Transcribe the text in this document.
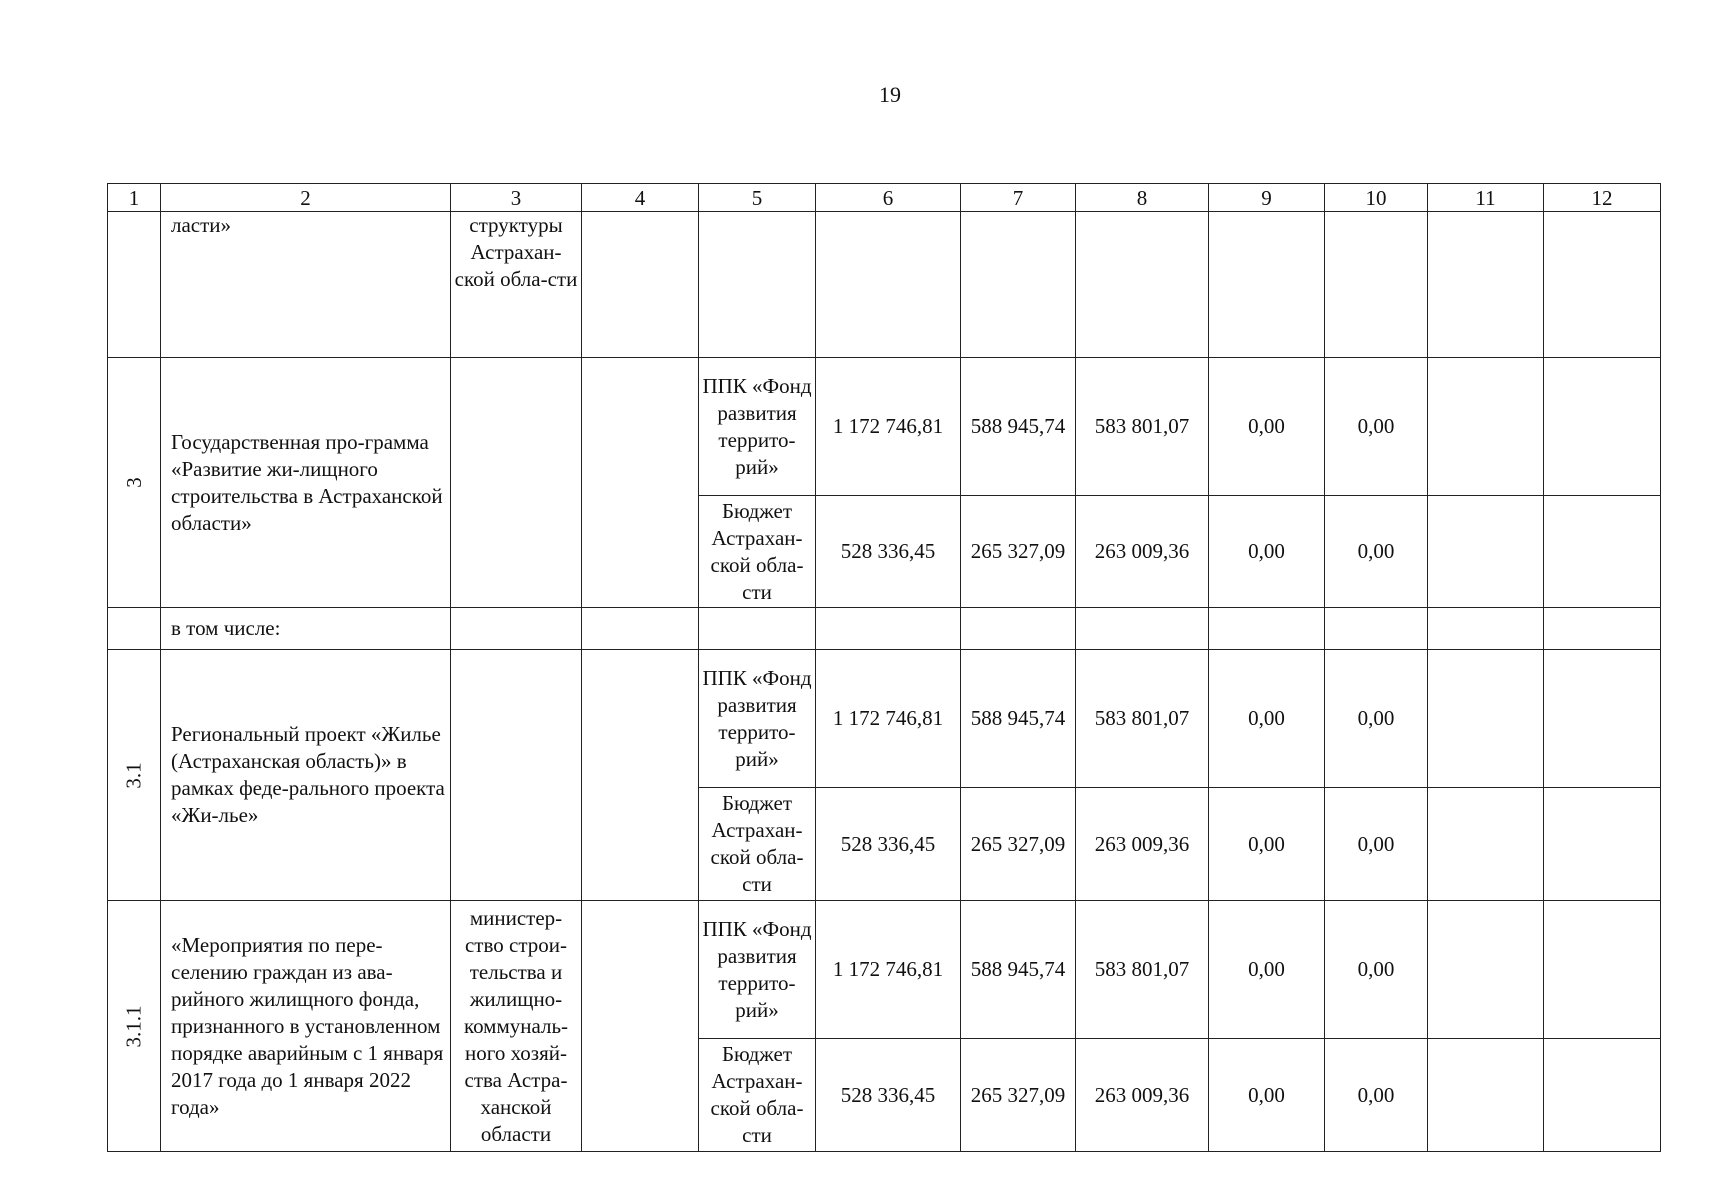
19
1	2	3	4	5	6	7	8	9	10	11	12
	ласти»	структуры Астрахан-ской обла-сти									

3	Государственная про-грамма «Развитие жи-лищного строительства в Астраханской области»			ППК «Фонд развития террито-рий»	1 172 746,81	588 945,74	583 801,07	0,00	0,00		
				Бюджет Астрахан-ской обла-сти	528 336,45	265 327,09	263 009,36	0,00	0,00		
	в том числе:										

3.1	Региональный проект «Жилье (Астраханская область)» в рамках феде-рального проекта «Жи-лье»			ППК «Фонд развития террито-рий»	1 172 746,81	588 945,74	583 801,07	0,00	0,00		
				Бюджет Астрахан-ской обла-сти	528 336,45	265 327,09	263 009,36	0,00	0,00		

3.1.1	«Мероприятия по пере-селению граждан из ава-рийного жилищного фонда, признанного в установленном порядке аварийным с 1 января 2017 года до 1 января 2022 года»	министер-ство строи-тельства и жилищно-коммуналь-ного хозяй-ства Астра-ханской области		ППК «Фонд развития террито-рий»	1 172 746,81	588 945,74	583 801,07	0,00	0,00		
				Бюджет Астрахан-ской обла-сти	528 336,45	265 327,09	263 009,36	0,00	0,00		
